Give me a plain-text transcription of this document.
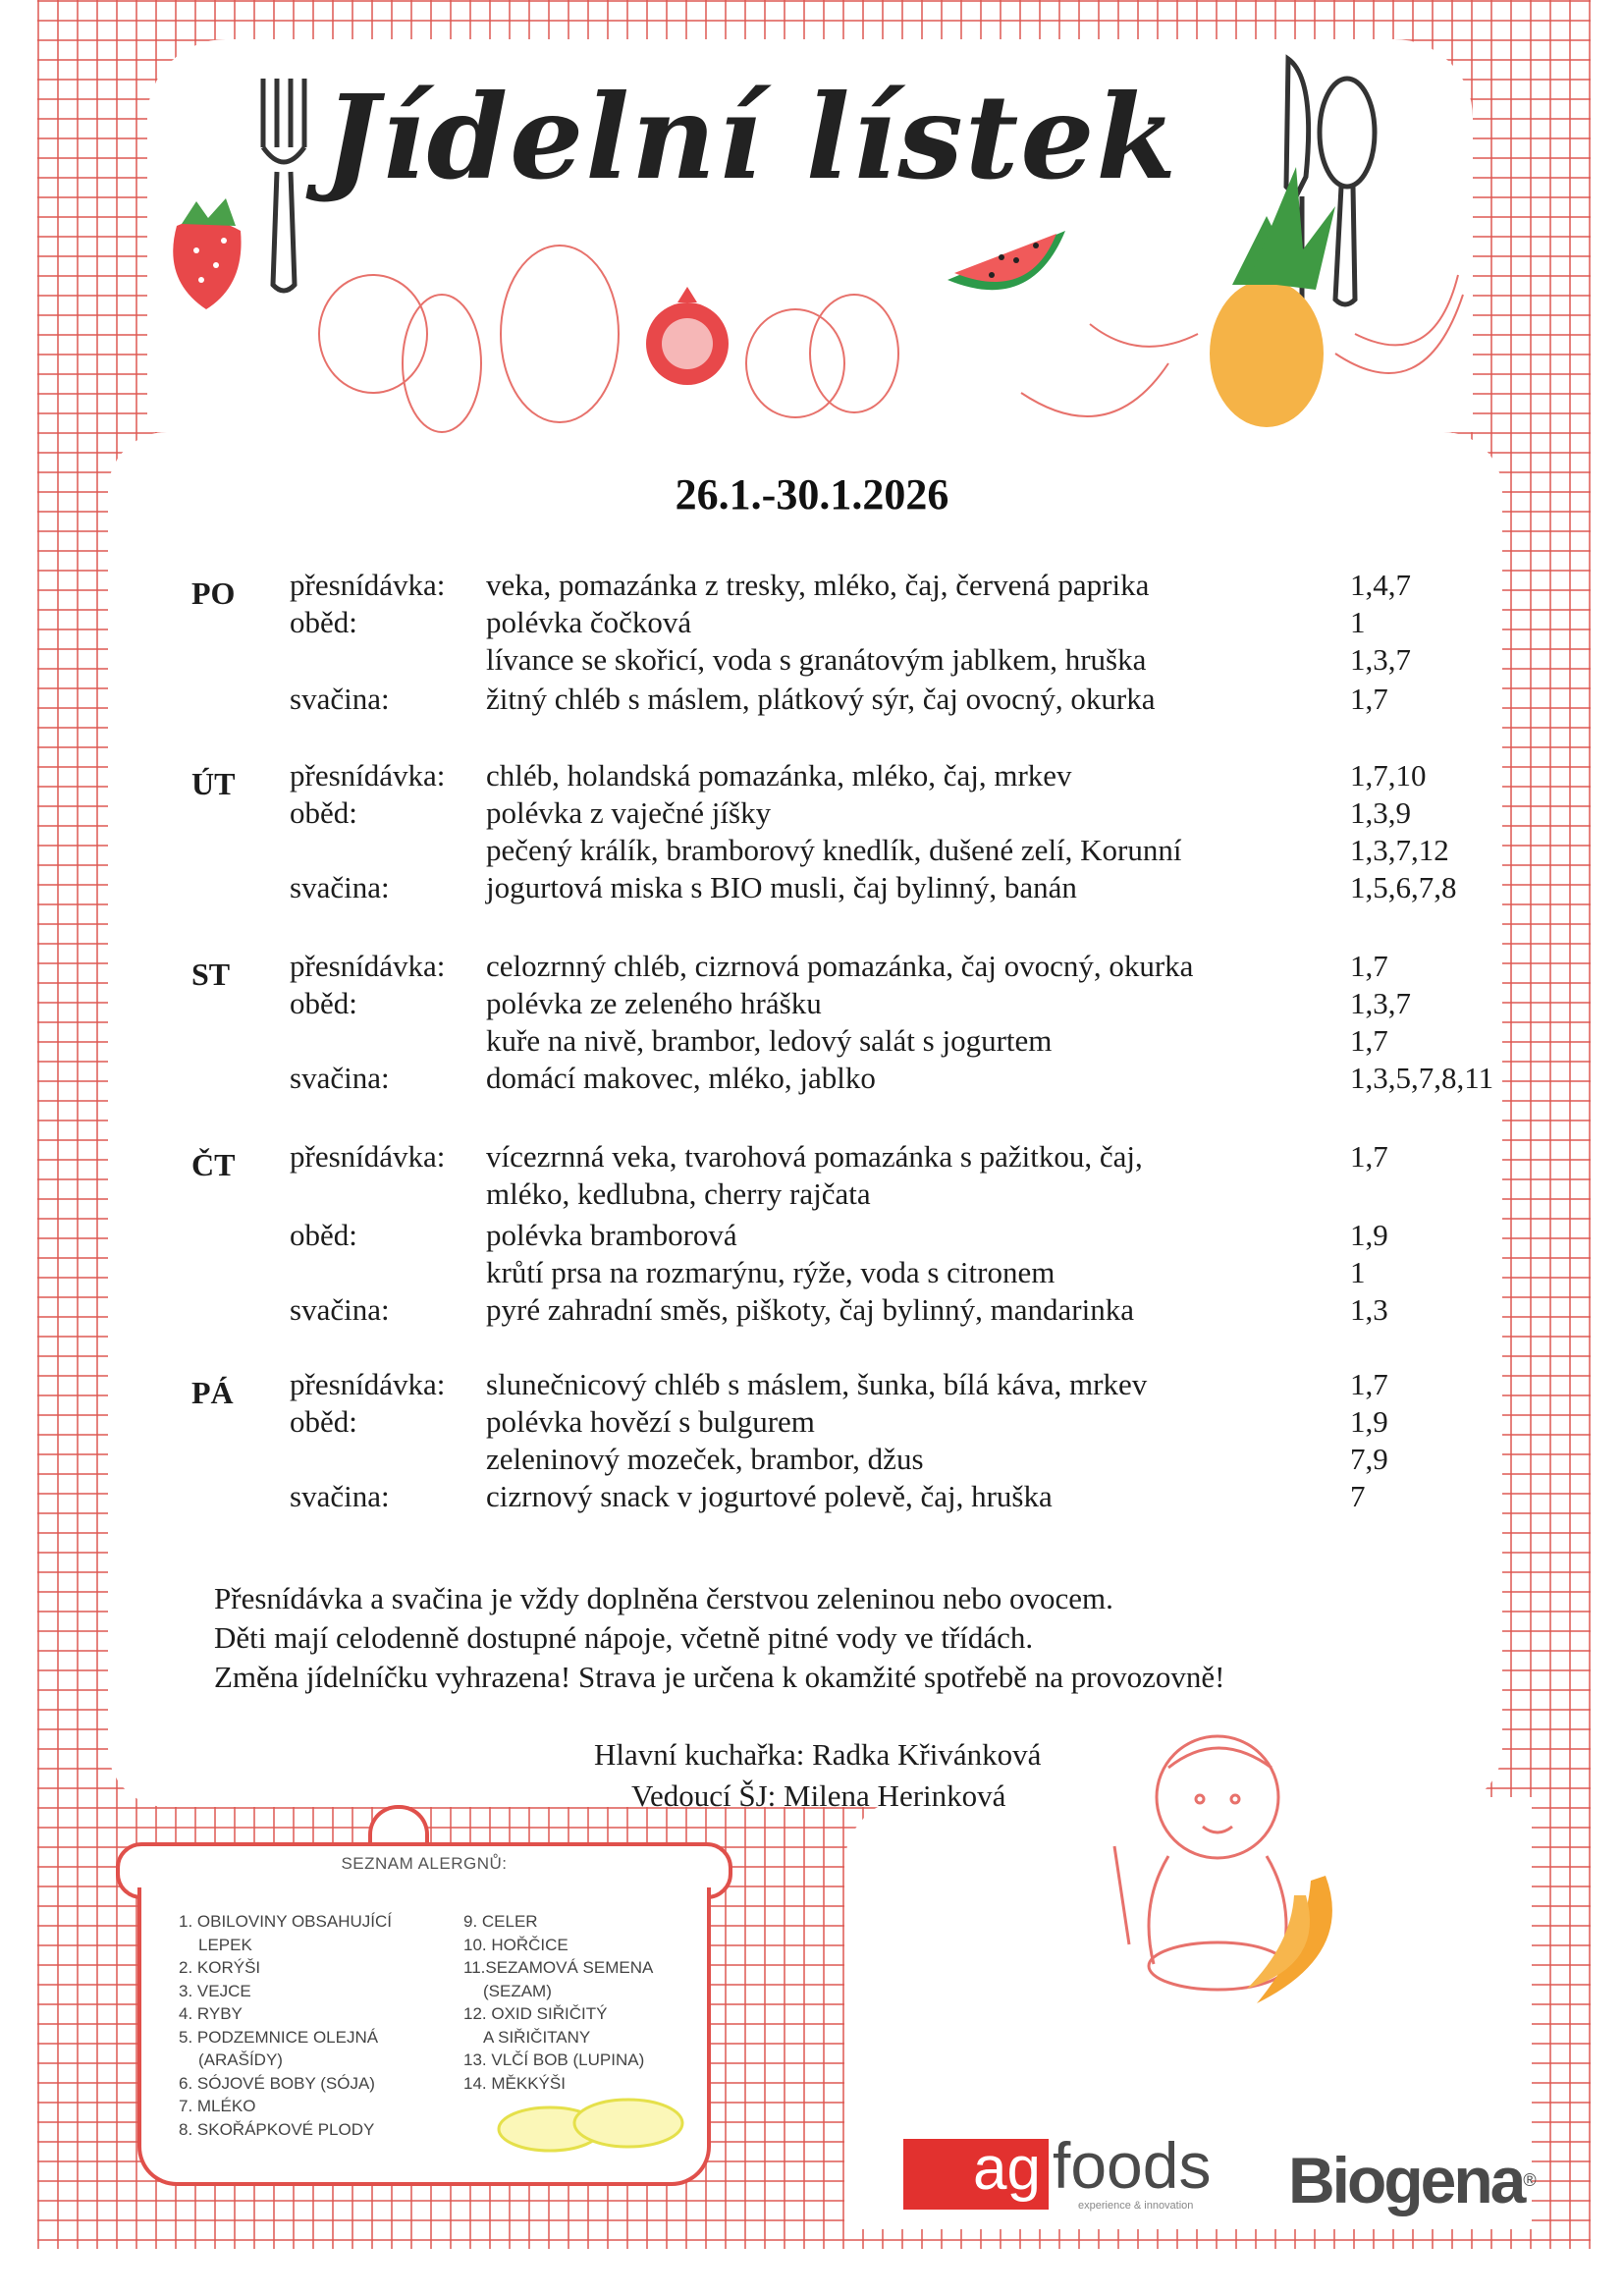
Jídelní lístek
26.1.-30.1.2026
PO přesnídávka:	veka, pomazánka z tresky, mléko, čaj, červená paprika	1,4,7
oběd:	polévka čočková	1
lívance se skořicí, voda s granátovým jablkem, hruška	1,3,7
svačina:	žitný chléb s máslem, plátkový sýr, čaj ovocný, okurka	1,7
ÚT přesnídávka:	chléb, holandská pomazánka, mléko, čaj, mrkev	1,7,10
oběd:	polévka z vaječné jíšky	1,3,9
pečený králík, bramborový knedlík, dušené zelí, Korunní	1,3,7,12
svačina:	jogurtová miska s BIO musli, čaj bylinný, banán	1,5,6,7,8
ST přesnídávka:	celozrnný chléb, cizrnová pomazánka, čaj ovocný, okurka	1,7
oběd:	polévka ze zeleného hrášku	1,3,7
kuře na nivě, brambor, ledový salát s jogurtem	1,7
svačina:	domácí makovec, mléko, jablko	1,3,5,7,8,11
ČT přesnídávka:	vícezrnná veka, tvarohová pomazánka s pažitkou, čaj,	1,7
mléko, kedlubna, cherry rajčata
oběd:	polévka bramborová	1,9
krůtí prsa na rozmarýnu, rýže, voda s citronem	1
svačina:	pyré zahradní směs, piškoty, čaj bylinný, mandarinka	1,3
PÁ přesnídávka:	slunečnicový chléb s máslem, šunka, bílá káva, mrkev	1,7
oběd:	polévka hovězí s bulgurem	1,9
zeleninový mozeček, brambor, džus	7,9
svačina:	cizrnový snack v jogurtové polevě, čaj, hruška	7
Přesnídávka a svačina je vždy doplněna čerstvou zeleninou nebo ovocem.
Děti mají celodenně dostupné nápoje, včetně pitné vody ve třídách.
Změna jídelníčku vyhrazena! Strava je určena k okamžité spotřebě na provozovně!
Hlavní kuchařka: Radka Křivánková
Vedoucí ŠJ: Milena Herinková
SEZNAM ALERGNŮ:
1. OBILOVINY OBSAHUJÍCÍ
LEPEK
2. KORÝŠI
3. VEJCE
4. RYBY
5. PODZEMNICE OLEJNÁ
(ARAŠÍDY)
6. SÓJOVÉ BOBY (SÓJA)
7. MLÉKO
8. SKOŘÁPKOVÉ PLODY
9. CELER
10. HOŘČICE
11.SEZAMOVÁ SEMENA
(SEZAM)
12. OXID SIŘIČITÝ
A SIŘIČITANY
13. VLČÍ BOB (LUPINA)
14. MĚKKÝŠI
ag foods
experience & innovation Biogena®
